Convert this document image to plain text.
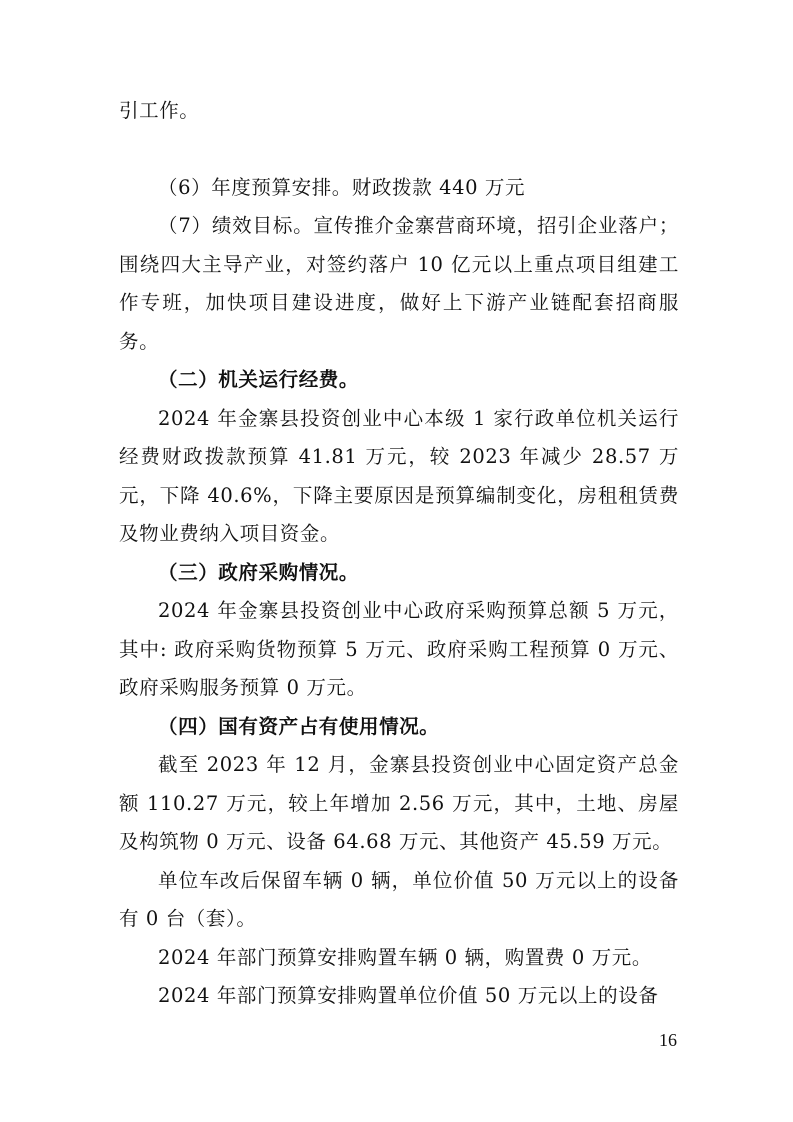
引工作。

（6）年度预算安排。财政拨款 440 万元

（7）绩效目标。宣传推介金寨营商环境，招引企业落户；围绕四大主导产业，对签约落户 10 亿元以上重点项目组建工作专班，加快项目建设进度，做好上下游产业链配套招商服务。

（二）机关运行经费。

2024 年金寨县投资创业中心本级 1 家行政单位机关运行经费财政拨款预算 41.81 万元，较 2023 年减少 28.57 万元，下降 40.6%，下降主要原因是预算编制变化，房租租赁费及物业费纳入项目资金。

（三）政府采购情况。

2024 年金寨县投资创业中心政府采购预算总额 5 万元，其中: 政府采购货物预算 5 万元、政府采购工程预算 0 万元、政府采购服务预算 0 万元。

（四）国有资产占有使用情况。

截至 2023 年 12 月，金寨县投资创业中心固定资产总金额 110.27 万元，较上年增加 2.56 万元，其中，土地、房屋及构筑物 0 万元、设备 64.68 万元、其他资产 45.59 万元。

单位车改后保留车辆 0 辆，单位价值 50 万元以上的设备有 0 台（套）。

2024 年部门预算安排购置车辆 0 辆，购置费 0 万元。

2024 年部门预算安排购置单位价值 50 万元以上的设备

16
